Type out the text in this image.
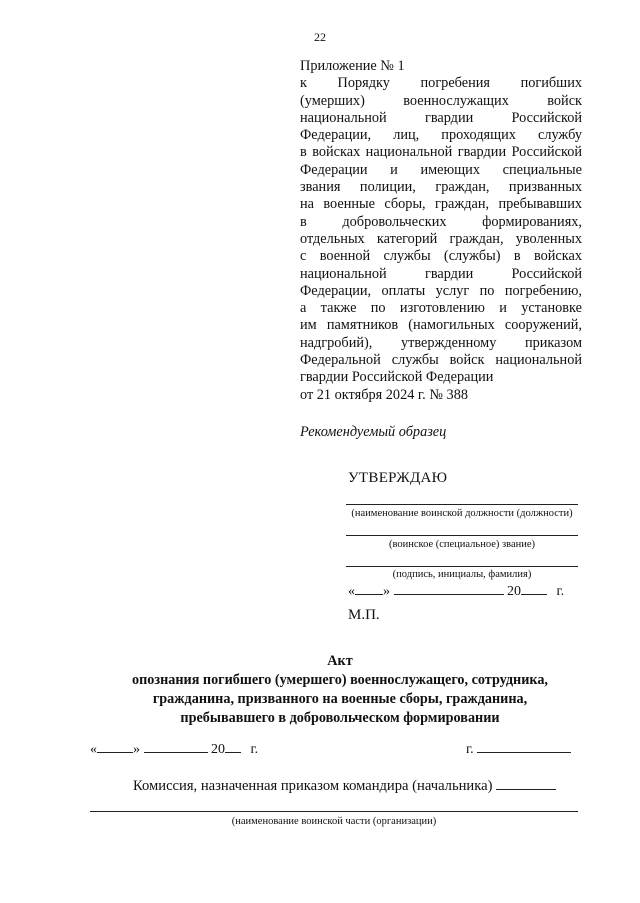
22
Приложение № 1
к Порядку погребения погибших
(умерших) военнослужащих войск
национальной гвардии Российской
Федерации, лиц, проходящих службу
в войсках национальной гвардии Российской
Федерации и имеющих специальные
звания полиции, граждан, призванных
на военные сборы, граждан, пребывавших
в добровольческих формированиях,
отдельных категорий граждан, уволенных
с военной службы (службы) в войсках
национальной гвардии Российской
Федерации, оплаты услуг по погребению,
а также по изготовлению и установке
им памятников (намогильных сооружений,
надгробий), утвержденному приказом
Федеральной службы войск национальной
гвардии Российской Федерации
от 21 октября 2024 г. № 388
Рекомендуемый образец
УТВЕРЖДАЮ
(наименование воинской должности (должности)
(воинское (специальное) звание)
(подпись, инициалы, фамилия)
« »	20	г.
М.П.
Акт
опознания погибшего (умершего) военнослужащего, сотрудника,
гражданина, призванного на военные сборы, гражданина,
пребывавшего в добровольческом формировании
«	»	20 г.	г.
Комиссия, назначенная приказом командира (начальника)
(наименование воинской части (организации)
